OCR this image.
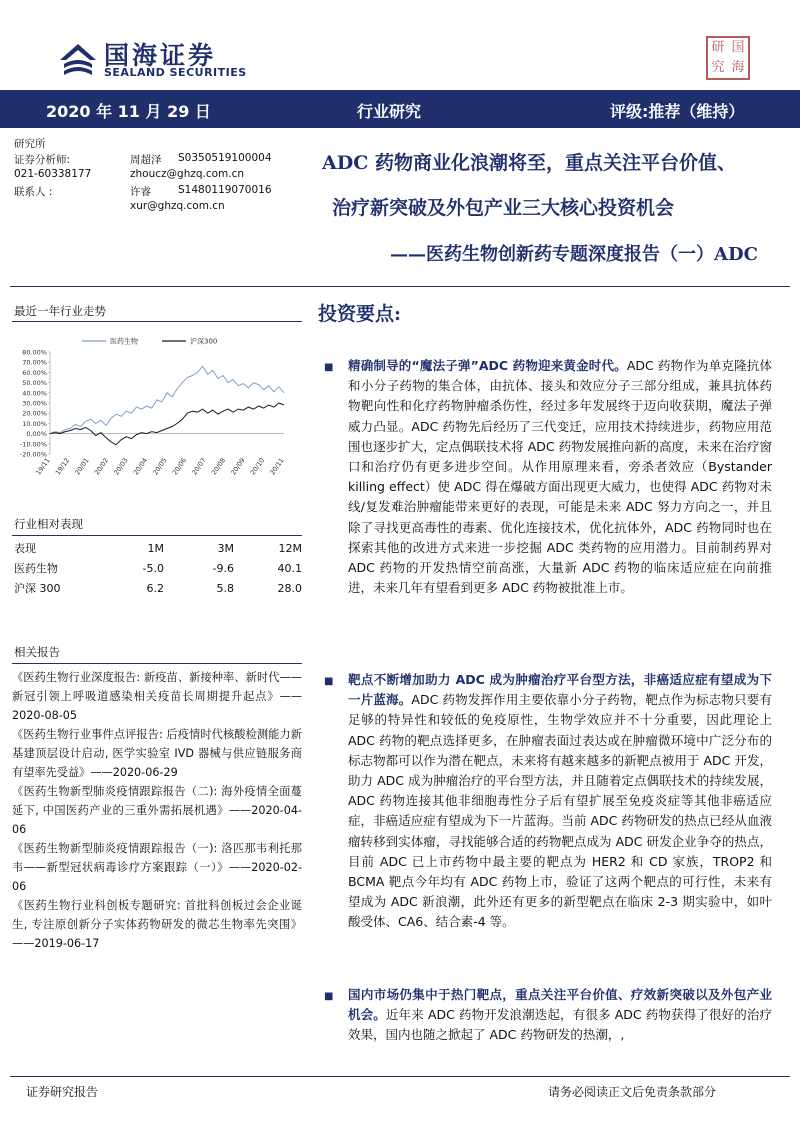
国海证券
SEALAND SECURITIES
研 国
究 海
2020 年 11 月 29 日	行业研究	评级:推荐（维持）
研究所
证券分析师:
021-60338177
联系人 :
周超泽 S0350519100004
zhoucz@ghzq.com.cn
许睿	S1480119070016
xur@ghzq.com.cn
ADC 药物商业化浪潮将至，重点关注平台价值、
治疗新突破及外包产业三大核心投资机会
——医药生物创新药专题深度报告（一）ADC
最近一年行业走势
80.00%
70.00%
60.00%
50.00%
40.00%
30.00%
20.00%
10.00%
0.00%
-10.00%
-20.00%
19/11 19/12 20/01 20/02 20/03 20/04 20/05 20/06 20/07 20/08 20/09 20/10 20/11
医药生物	沪深300
行业相对表现
表现	1M	3M	12M
医药生物	-5.0	-9.6	40.1
沪深 300	6.2	5.8	28.0
相关报告
《医药生物行业深度报告: 新疫苗、新接种率、新时代——新冠引领上呼吸道感染相关疫苗长周期提升起点》——2020-08-05
《医药生物行业事件点评报告: 后疫情时代核酸检测能力新基建顶层设计启动, 医学实验室 IVD 器械与供应链服务商有望率先受益》——2020-06-29
《医药生物新型肺炎疫情跟踪报告（二): 海外疫情全面蔓延下, 中国医药产业的三重外需拓展机遇》——2020-04-06
《医药生物新型肺炎疫情跟踪报告（一): 洛匹那韦利托那韦——新型冠状病毒诊疗方案跟踪（一）》——2020-02-06
《医药生物行业科创板专题研究: 首批科创板过会企业诞生, 专注原创新分子实体药物研发的微芯生物率先突围》——2019-06-17
投资要点:
■ 精确制导的“魔法子弹”ADC 药物迎来黄金时代。ADC 药物作为单克隆抗体和小分子药物的集合体，由抗体、接头和效应分子三部分组成，兼具抗体药物靶向性和化疗药物肿瘤杀伤性，经过多年发展终于迈向收获期，魔法子弹威力凸显。ADC 药物先后经历了三代变迁，应用技术持续进步，药物应用范围也逐步扩大，定点偶联技术将 ADC 药物发展推向新的高度，未来在治疗窗口和治疗仍有更多进步空间。从作用原理来看，旁杀者效应（Bystander killing effect）使 ADC 得在爆破方面出现更大威力，也使得 ADC 药物对未线/复发难治肿瘤能带来更好的表现，可能是未来 ADC 努力方向之一，并且除了寻找更高毒性的毒素、优化连接技术，优化抗体外，ADC 药物同时也在探索其他的改进方式来进一步挖掘 ADC 类药物的应用潜力。目前制药界对 ADC 药物的开发热情空前高涨，大量新 ADC 药物的临床适应症在向前推进，未来几年有望看到更多 ADC 药物被批准上市。
■ 靶点不断增加助力 ADC 成为肿瘤治疗平台型方法，非癌适应症有望成为下一片蓝海。ADC 药物发挥作用主要依靠小分子药物，靶点作为标志物只要有足够的特异性和较低的免疫原性，生物学效应并不十分重要，因此理论上 ADC 药物的靶点选择更多，在肿瘤表面过表达或在肿瘤微环境中广泛分布的标志物都可以作为潜在靶点，未来将有越来越多的新靶点被用于 ADC 开发，助力 ADC 成为肿瘤治疗的平台型方法，并且随着定点偶联技术的持续发展，ADC 药物连接其他非细胞毒性分子后有望扩展至免疫炎症等其他非癌适应症，非癌适应症有望成为下一片蓝海。当前 ADC 药物研发的热点已经从血液瘤转移到实体瘤，寻找能够合适的药物靶点成为 ADC 研发企业争夺的热点，目前 ADC 已上市药物中最主要的靶点为 HER2 和 CD 家族，TROP2 和 BCMA 靶点今年均有 ADC 药物上市，验证了这两个靶点的可行性，未来有望成为 ADC 新浪潮，此外还有更多的新型靶点在临床 2-3 期实验中，如叶酸受体、CA6、结合素-4 等。
■ 国内市场仍集中于热门靶点，重点关注平台价值、疗效新突破以及外包产业机会。近年来 ADC 药物开发浪潮迭起，有很多 ADC 药物获得了很好的治疗效果，国内也随之掀起了 ADC 药物研发的热潮，,
证券研究报告	请务必阅读正文后免责条款部分
